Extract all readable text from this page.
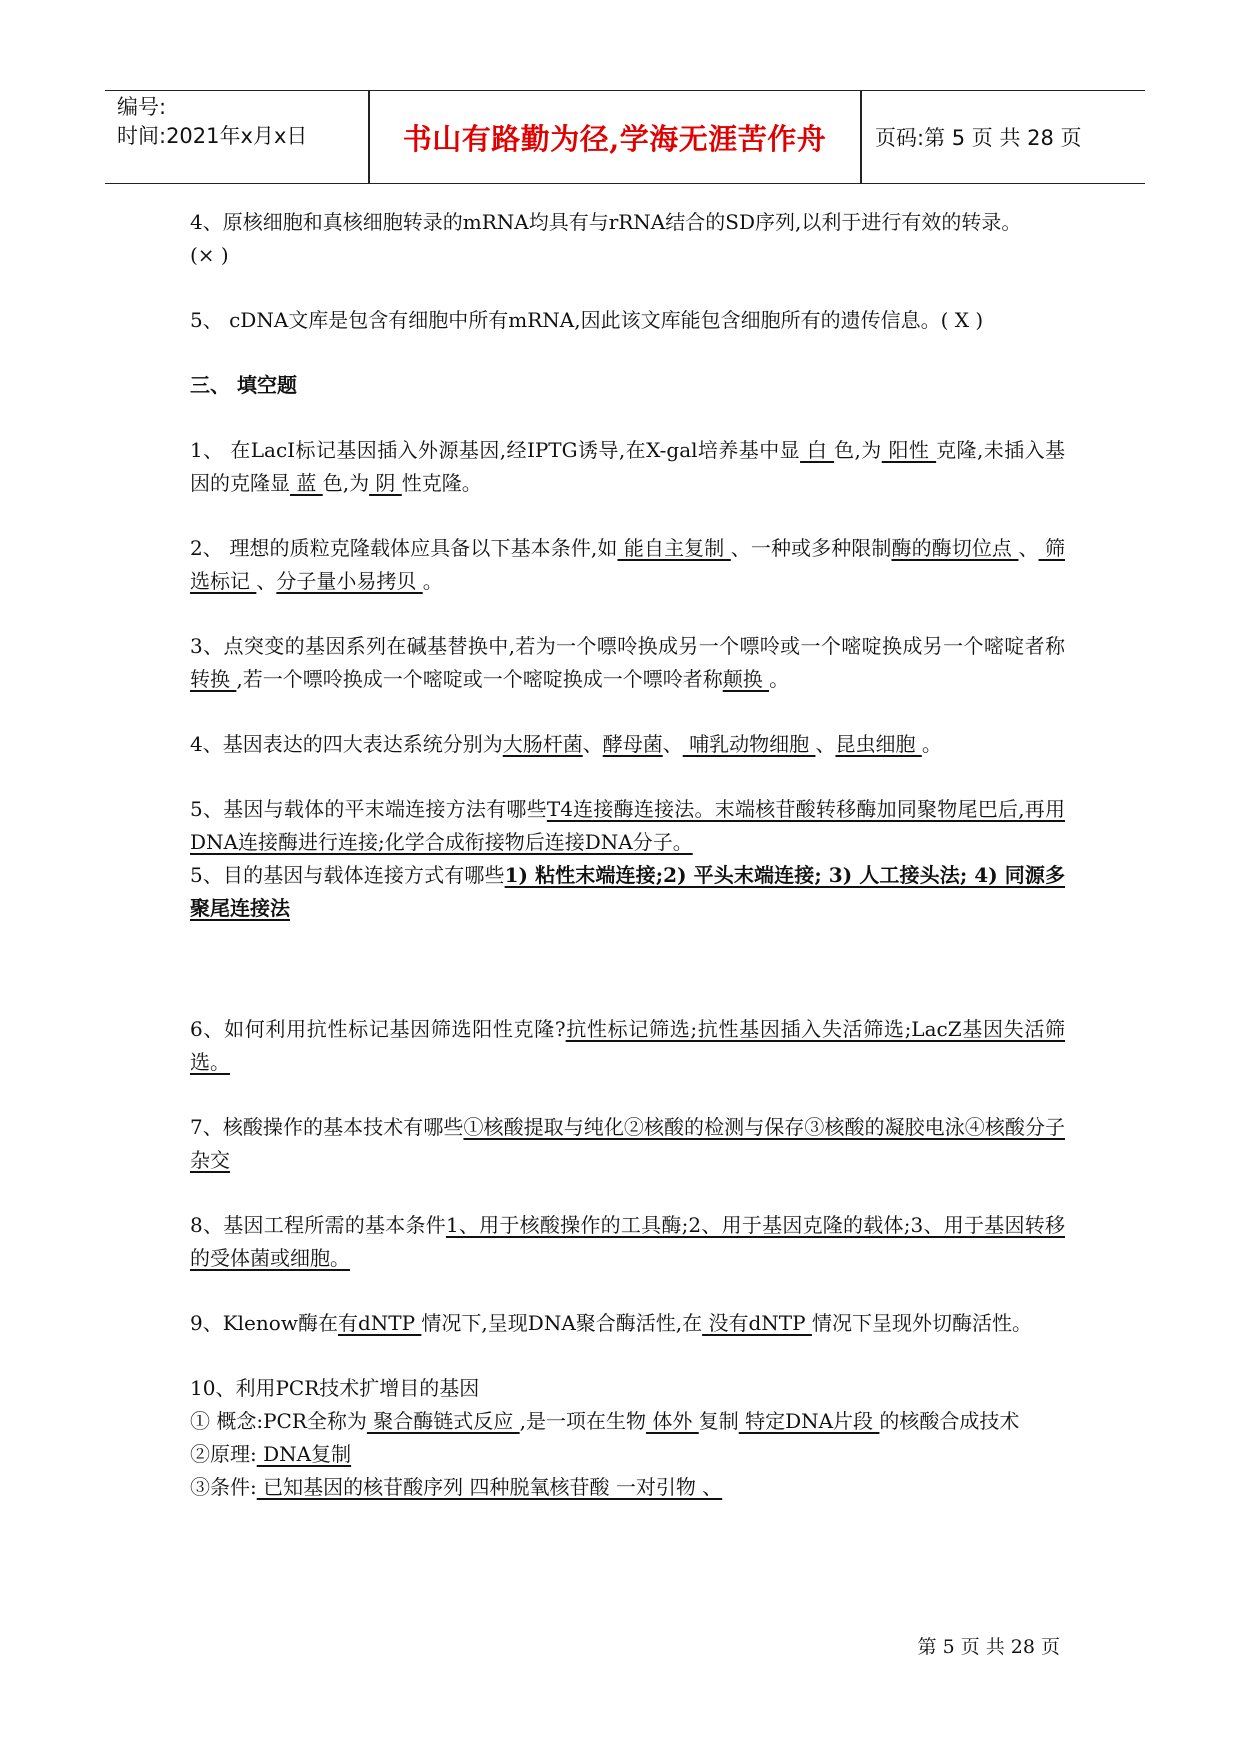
编号:
时间:2021年x月x日	书山有路勤为径,学海无涯苦作舟	页码:第 5 页 共 28 页

4、原核细胞和真核细胞转录的mRNA均具有与rRNA结合的SD序列,以利于进行有效的转录。
(× )

5、 cDNA文库是包含有细胞中所有mRNA,因此该文库能包含细胞所有的遗传信息。( X )

三、 填空题

1、 在LacI标记基因插入外源基因,经IPTG诱导,在X-gal培养基中显 白 色,为 阳性 克隆,未插入基因的克隆显 蓝 色,为 阴 性克隆。

2、 理想的质粒克隆载体应具备以下基本条件,如 能自主复制 、一种或多种限制酶的酶切位点 、 筛选标记 、分子量小易拷贝 。

3、点突变的基因系列在碱基替换中,若为一个嘌呤换成另一个嘌呤或一个嘧啶换成另一个嘧啶者称 转换 ,若一个嘌呤换成一个嘧啶或一个嘧啶换成一个嘌呤者称颠换 。

4、基因表达的四大表达系统分别为大肠杆菌、酵母菌、 哺乳动物细胞 、昆虫细胞 。

5、基因与载体的平末端连接方法有哪些T4连接酶连接法。末端核苷酸转移酶加同聚物尾巴后,再用DNA连接酶进行连接;化学合成衔接物后连接DNA分子。

5、目的基因与载体连接方式有哪些1) 粘性末端连接;2) 平头末端连接; 3) 人工接头法; 4) 同源多聚尾连接法

6、如何利用抗性标记基因筛选阳性克隆?抗性标记筛选;抗性基因插入失活筛选;LacZ基因失活筛选。

7、核酸操作的基本技术有哪些①核酸提取与纯化②核酸的检测与保存③核酸的凝胶电泳④核酸分子杂交

8、基因工程所需的基本条件1、用于核酸操作的工具酶;2、用于基因克隆的载体;3、用于基因转移的受体菌或细胞。

9、Klenow酶在有dNTP 情况下,呈现DNA聚合酶活性,在 没有dNTP 情况下呈现外切酶活性。

10、利用PCR技术扩增目的基因

① 概念:PCR全称为 聚合酶链式反应 ,是一项在生物 体外 复制 特定DNA片段 的核酸合成技术

②原理: DNA复制

③条件: 已知基因的核苷酸序列 四种脱氧核苷酸 一对引物 、

第 5 页 共 28 页
